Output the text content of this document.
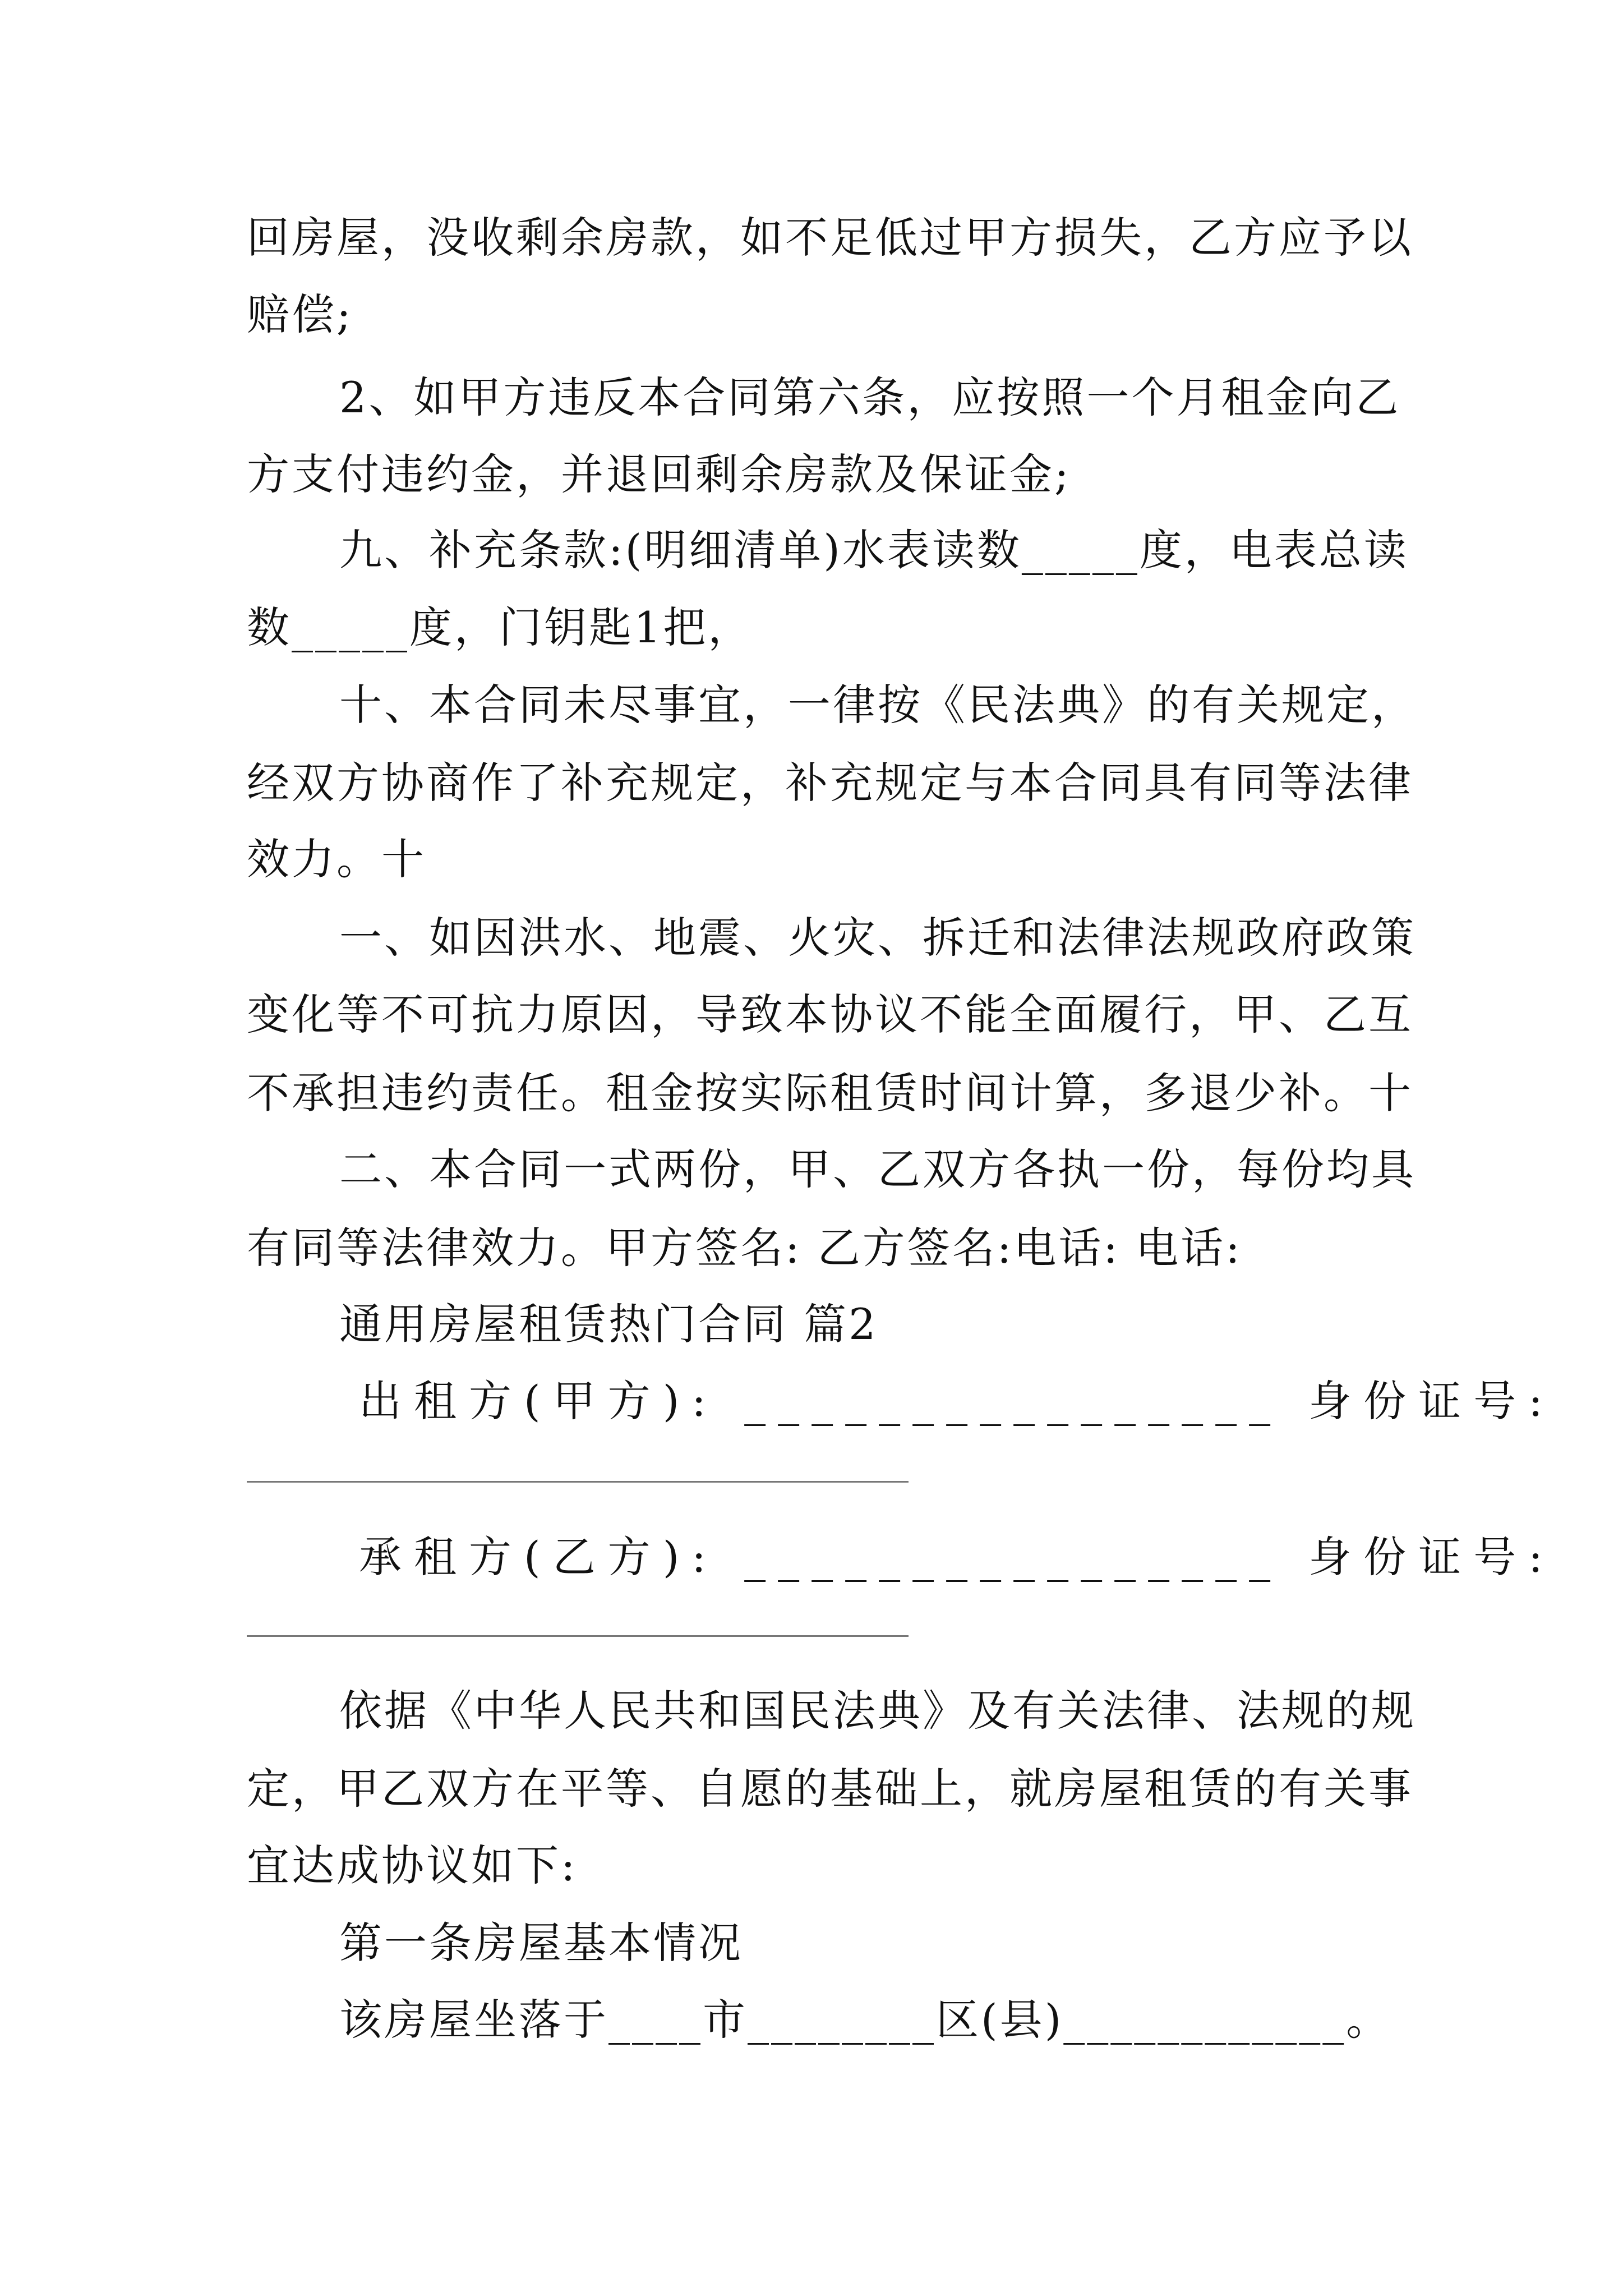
回房屋，没收剩余房款，如不足低过甲方损失，乙方应予以
赔偿;
2、如甲方违反本合同第六条，应按照一个月租金向乙
方支付违约金，并退回剩余房款及保证金;
九、补充条款:(明细清单)水表读数_____度，电表总读
数_____度，门钥匙1把，
十、本合同未尽事宜，一律按《民法典》的有关规定，
经双方协商作了补充规定，补充规定与本合同具有同等法律
效力。十
一、如因洪水、地震、火灾、拆迁和法律法规政府政策
变化等不可抗力原因，导致本协议不能全面履行，甲、乙互
不承担违约责任。租金按实际租赁时间计算，多退少补。十
二、本合同一式两份，甲、乙双方各执一份，每份均具
有同等法律效力。甲方签名: 乙方签名:电话: 电话:
通用房屋租赁热门合同 篇2
出租方(甲方): ________________ 身份证号:
承租方(乙方): ________________ 身份证号:
依据《中华人民共和国民法典》及有关法律、法规的规
定，甲乙双方在平等、自愿的基础上，就房屋租赁的有关事
宜达成协议如下:
第一条房屋基本情况
该房屋坐落于____市________区(县)____________。
